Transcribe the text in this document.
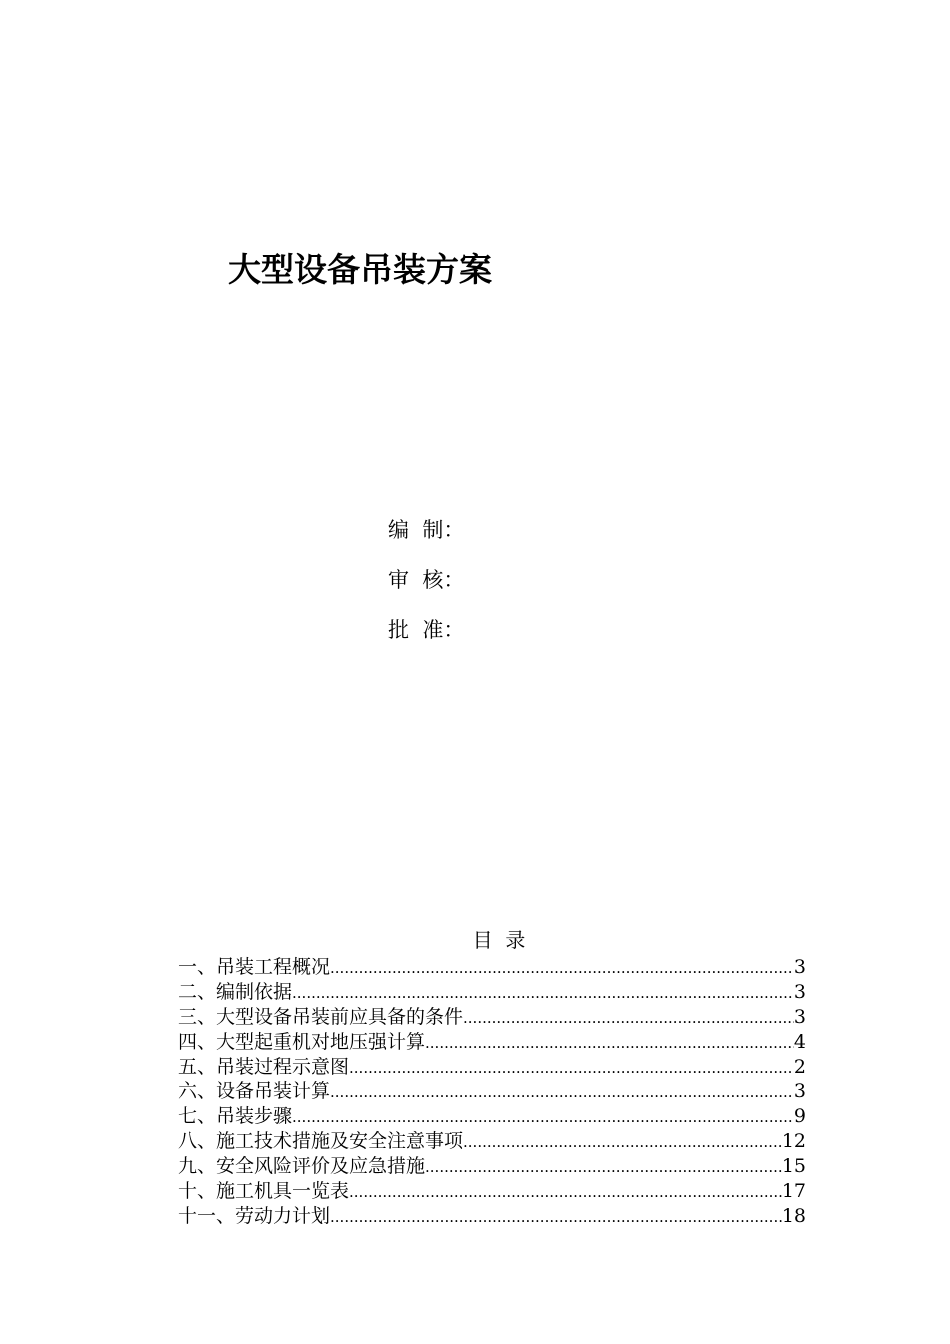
大型设备吊装方案
编  制：
审  核：
批  准：
目  录
一、吊装工程概况 .....	3
二、编制依据 .....	3
三、大型设备吊装前应具备的条件 .....	3
四、大型起重机对地压强计算 .....	4
五、吊装过程示意图 .....	2
六、设备吊装计算 .....	3
七、吊装步骤 .....	9
八、施工技术措施及安全注意事项 .....	12
九、安全风险评价及应急措施 .....	15
十、施工机具一览表 .....	17
十一、劳动力计划 .....	18
